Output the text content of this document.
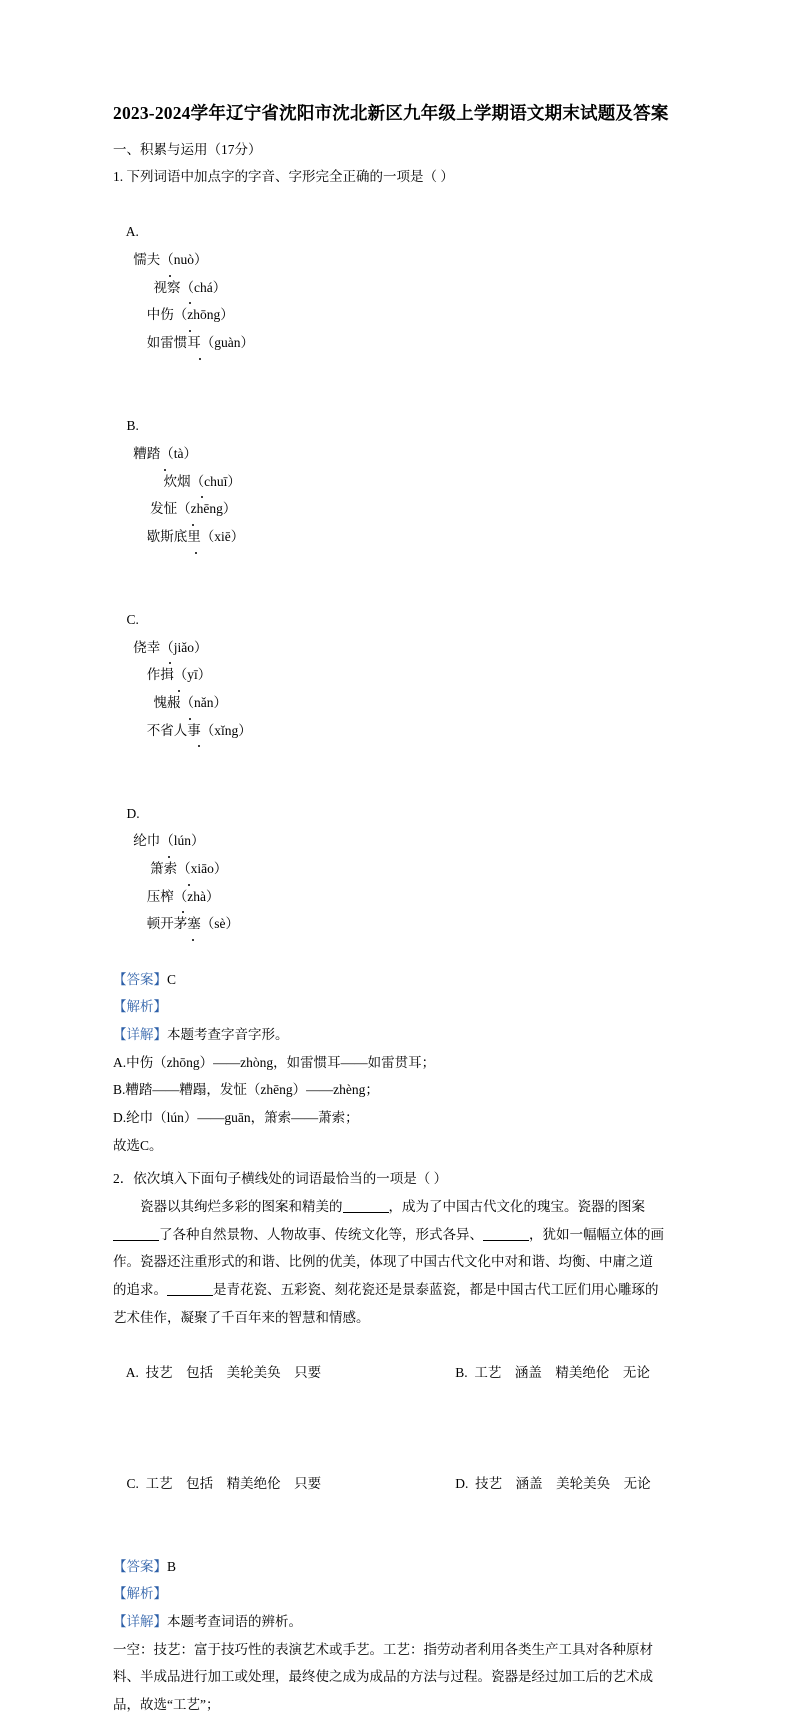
2023-2024学年辽宁省沈阳市沈北新区九年级上学期语文期末试题及答案

一、积累与运用（17分）

1. 下列词语中加点字的字音、字形完全正确的一项是（ ）

A.
懦夫（nuò）
视察（chá）
中伤（zhōng）
如雷惯耳（guàn）

B.
糟踏（tà）
炊烟（chuī）
发怔（zhēng）
歇斯底里（xiē）

C.
侥幸（jiǎo）
作揖（yī）
愧赧（nǎn）
不省人事（xǐng）

D.
纶巾（lún）
箫索（xiāo）
压榨（zhà）
顿开茅塞（sè）

【答案】C

【解析】

【详解】本题考查字音字形。

A.中伤（zhōng）——zhòng，如雷惯耳——如雷贯耳；

B.糟踏——糟蹋，发怔（zhēng）——zhèng；

D.纶巾（lún）——guān，箫索——萧索；

故选C。

2．依次填入下面句子横线处的词语最恰当的一项是（ ）

瓷器以其绚烂多彩的图案和精美的	，成为了中国古代文化的瑰宝。瓷器的图案

了各种自然景物、人物故事、传统文化等，形式各异、	，犹如一幅幅立体的画

作。瓷器还注重形式的和谐、比例的优美，体现了中国古代文化中对和谐、均衡、中庸之道

的追求。	是青花瓷、五彩瓷、刻花瓷还是景泰蓝瓷，都是中国古代工匠们用心雕琢的

艺术佳作，凝聚了千百年来的智慧和情感。

A. 技艺　包括　美轮美奂　只要
	B. 工艺　涵盖　精美绝伦　无论

C. 工艺　包括　精美绝伦　只要
	D. 技艺　涵盖　美轮美奂　无论

【答案】B

【解析】

【详解】本题考查词语的辨析。

一空：技艺：富于技巧性的表演艺术或手艺。工艺：指劳动者利用各类生产工具对各种原材

料、半成品进行加工或处理，最终使之成为成品的方法与过程。瓷器是经过加工后的艺术成

品，故选“工艺”；
